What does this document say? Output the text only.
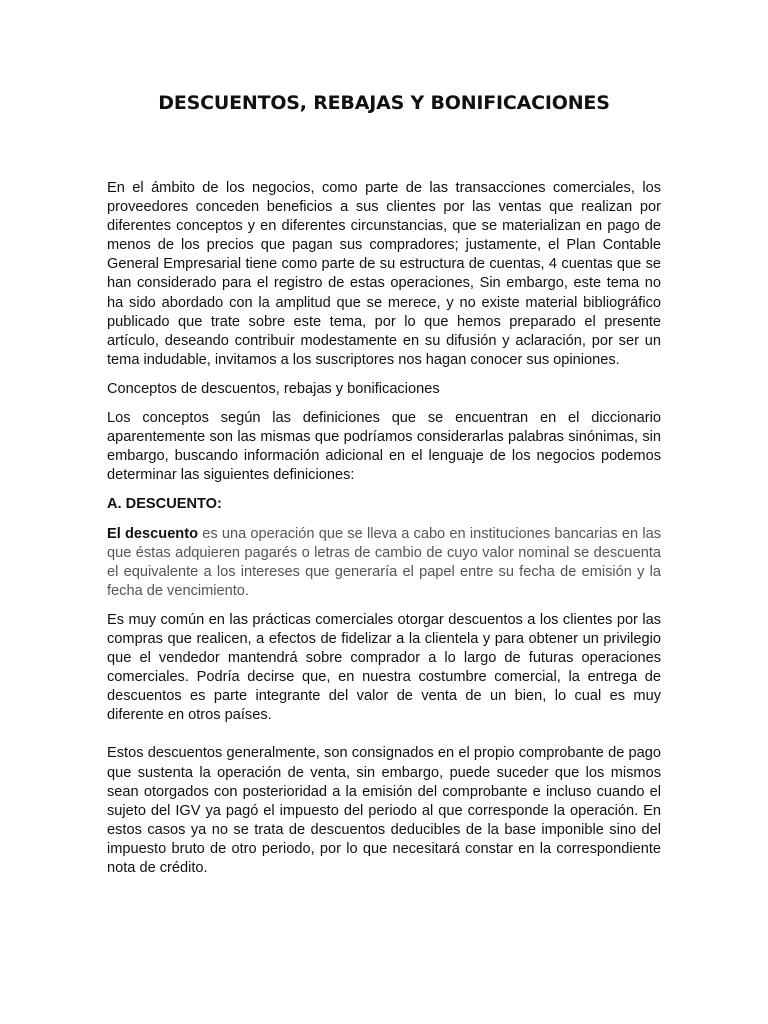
DESCUENTOS, REBAJAS Y BONIFICACIONES

En el ámbito de los negocios, como parte de las transacciones comerciales, los proveedores conceden beneficios a sus clientes por las ventas que realizan por diferentes conceptos y en diferentes circunstancias, que se materializan en pago de menos de los precios que pagan sus compradores; justamente, el Plan Contable General Empresarial tiene como parte de su estructura de cuentas, 4 cuentas que se han considerado para el registro de estas operaciones, Sin embargo, este tema no ha sido abordado con la amplitud que se merece, y no existe material bibliográfico publicado que trate sobre este tema, por lo que hemos preparado el presente artículo, deseando contribuir modestamente en su difusión y aclaración, por ser un tema indudable, invitamos a los suscriptores nos hagan conocer sus opiniones.

Conceptos de descuentos, rebajas y bonificaciones

Los conceptos según las definiciones que se encuentran en el diccionario aparentemente son las mismas que podríamos considerarlas palabras sinónimas, sin embargo, buscando información adicional en el lenguaje de los negocios podemos determinar las siguientes definiciones:

A. DESCUENTO:

El descuento es una operación que se lleva a cabo en instituciones bancarias en las que éstas adquieren pagarés o letras de cambio de cuyo valor nominal se descuenta el equivalente a los intereses que generaría el papel entre su fecha de emisión y la fecha de vencimiento.

Es muy común en las prácticas comerciales otorgar descuentos a los clientes por las compras que realicen, a efectos de fidelizar a la clientela y para obtener un privilegio que el vendedor mantendrá sobre comprador a lo largo de futuras operaciones comerciales. Podría decirse que, en nuestra costumbre comercial, la entrega de descuentos es parte integrante del valor de venta de un bien, lo cual es muy diferente en otros países.

Estos descuentos generalmente, son consignados en el propio comprobante de pago que sustenta la operación de venta, sin embargo, puede suceder que los mismos sean otorgados con posterioridad a la emisión del comprobante e incluso cuando el sujeto del IGV ya pagó el impuesto del periodo al que corresponde la operación. En estos casos ya no se trata de descuentos deducibles de la base imponible sino del impuesto bruto de otro periodo, por lo que necesitará constar en la correspondiente nota de crédito.
